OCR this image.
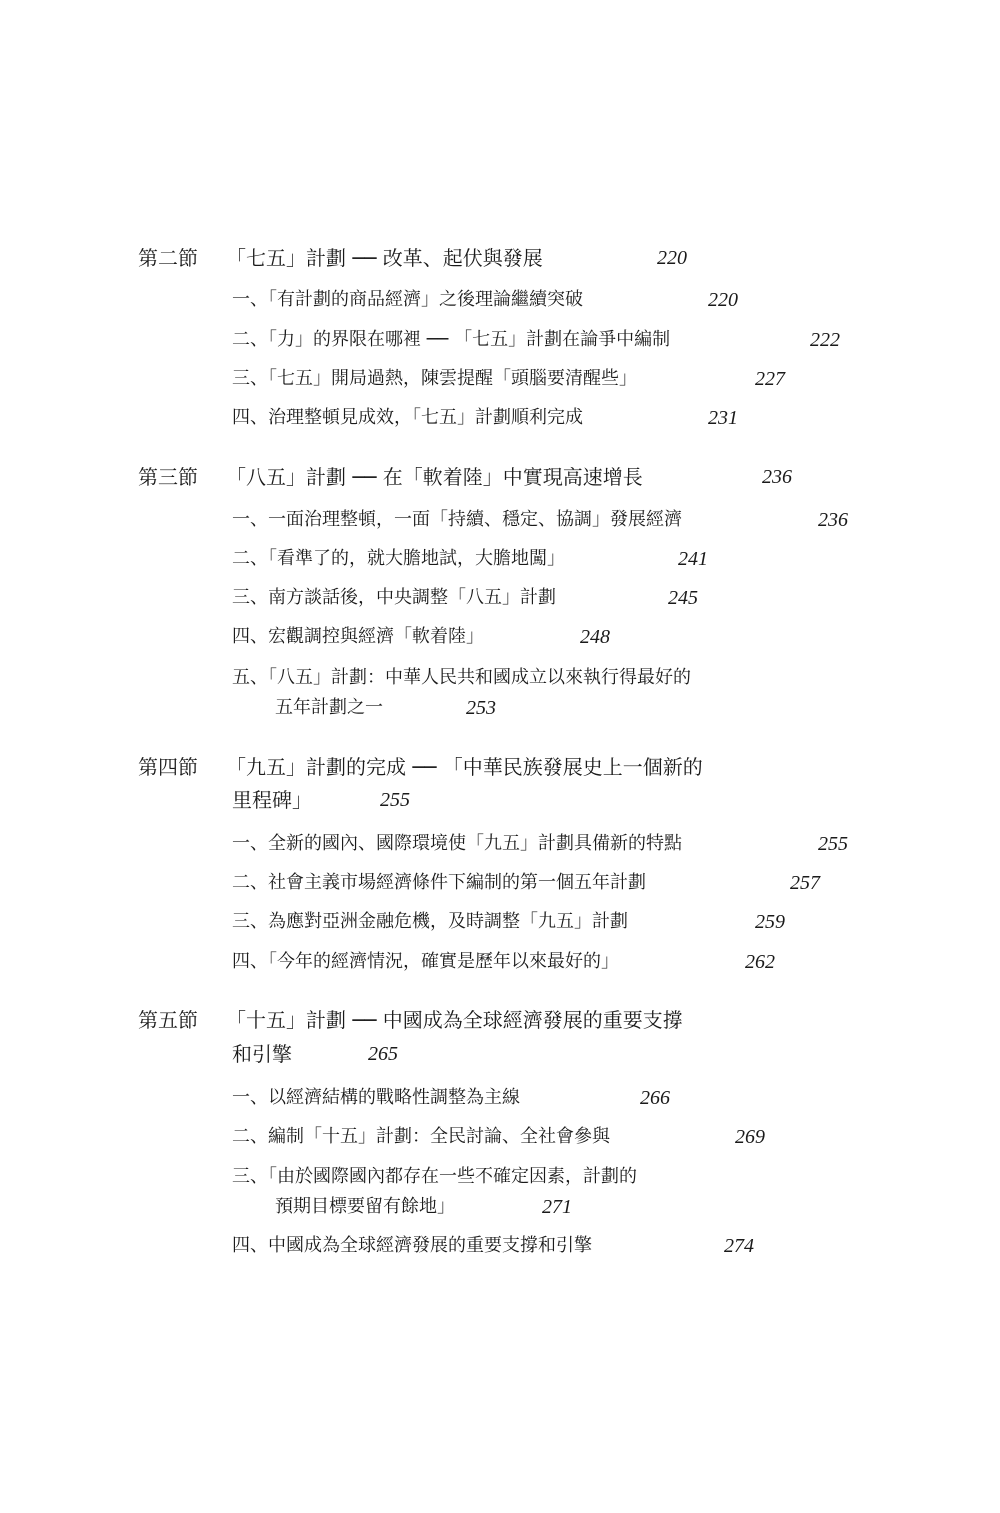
第二節 「七五」計劃 ── 改革、起伏與發展	220
一、「有計劃的商品經濟」之後理論繼續突破	220
二、「力」的界限在哪裡 ── 「七五」計劃在論爭中編制	222
三、「七五」開局過熱，陳雲提醒「頭腦要清醒些」	227
四、治理整頓見成效，「七五」計劃順利完成	231
第三節 「八五」計劃 ── 在「軟着陸」中實現高速增長	236
一、一面治理整頓，一面「持續、穩定、協調」發展經濟	236
二、「看準了的，就大膽地試，大膽地闖」	241
三、南方談話後，中央調整「八五」計劃	245
四、宏觀調控與經濟「軟着陸」	248
五、「八五」計劃：中華人民共和國成立以來執行得最好的
五年計劃之一	253
第四節 「九五」計劃的完成 ── 「中華民族發展史上一個新的
里程碑」	255
一、全新的國內、國際環境使「九五」計劃具備新的特點	255
二、社會主義市場經濟條件下編制的第一個五年計劃	257
三、為應對亞洲金融危機，及時調整「九五」計劃	259
四、「今年的經濟情況，確實是歷年以來最好的」	262
第五節 「十五」計劃 ── 中國成為全球經濟發展的重要支撐
和引擎	265
一、以經濟結構的戰略性調整為主線	266
二、編制「十五」計劃：全民討論、全社會參與	269
三、「由於國際國內都存在一些不確定因素，計劃的
預期目標要留有餘地」	271
四、中國成為全球經濟發展的重要支撐和引擎	274
